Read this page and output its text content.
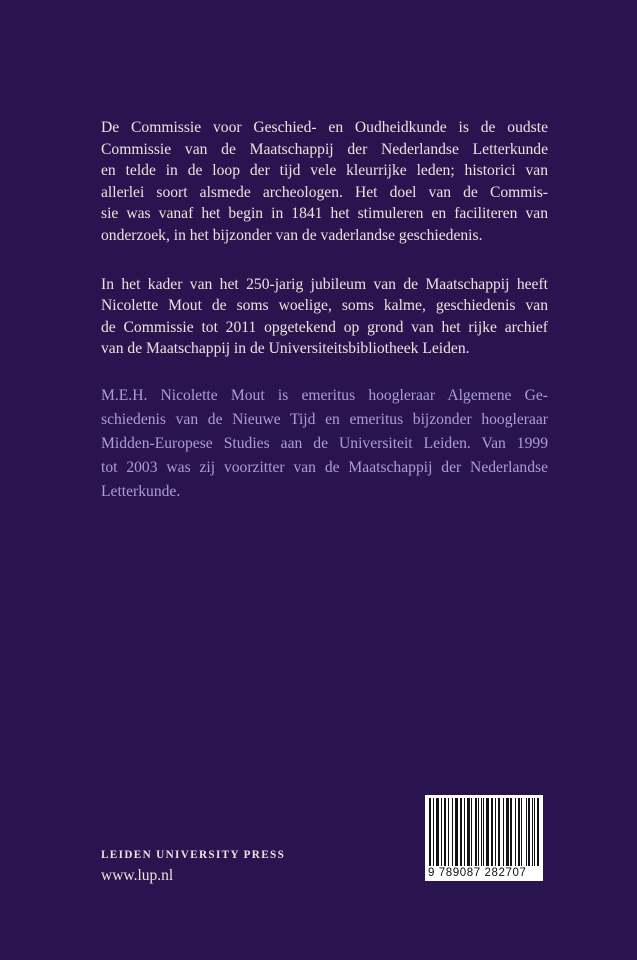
De Commissie voor Geschied- en Oudheidkunde is de oudste
Commissie van de Maatschappij der Nederlandse Letterkunde
en telde in de loop der tijd vele kleurrijke leden; historici van
allerlei soort alsmede archeologen. Het doel van de Commis-
sie was vanaf het begin in 1841 het stimuleren en faciliteren van
onderzoek, in het bijzonder van de vaderlandse geschiedenis.

In het kader van het 250-jarig jubileum van de Maatschappij heeft
Nicolette Mout de soms woelige, soms kalme, geschiedenis van
de Commissie tot 2011 opgetekend op grond van het rijke archief
van de Maatschappij in de Universiteitsbibliotheek Leiden.

M.E.H. Nicolette Mout is emeritus hoogleraar Algemene Ge-
schiedenis van de Nieuwe Tijd en emeritus bijzonder hoogleraar
Midden-Europese Studies aan de Universiteit Leiden. Van 1999
tot 2003 was zij voorzitter van de Maatschappij der Nederlandse
Letterkunde.

LEIDEN UNIVERSITY PRESS
www.lup.nl	9 789087 282707
